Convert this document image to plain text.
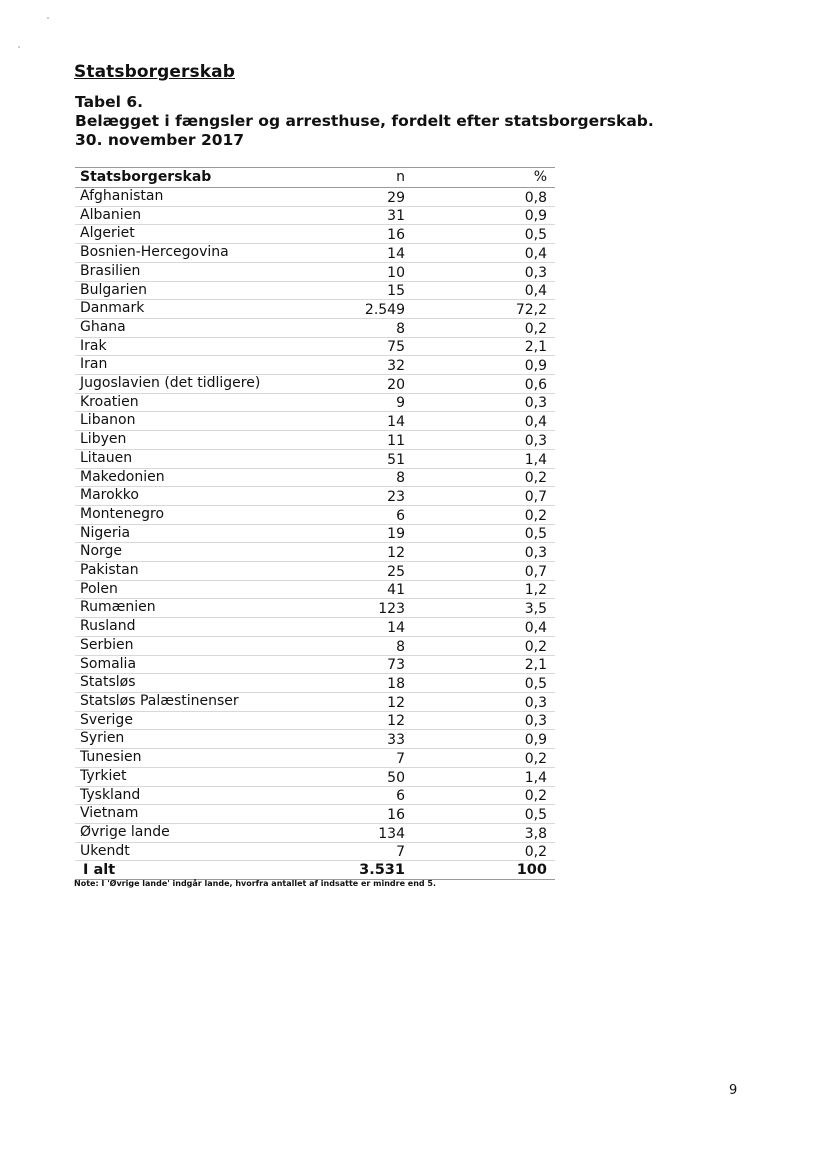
Statsborgerskab
Tabel 6.
Belægget i fængsler og arresthuse, fordelt efter statsborgerskab.
30. november 2017
Statsborgerskab	n	%
Afghanistan	29	0,8
Albanien	31	0,9
Algeriet	16	0,5
Bosnien-Hercegovina	14	0,4
Brasilien	10	0,3
Bulgarien	15	0,4
Danmark	2.549	72,2
Ghana	8	0,2
Irak	75	2,1
Iran	32	0,9
Jugoslavien (det tidligere)	20	0,6
Kroatien	9	0,3
Libanon	14	0,4
Libyen	11	0,3
Litauen	51	1,4
Makedonien	8	0,2
Marokko	23	0,7
Montenegro	6	0,2
Nigeria	19	0,5
Norge	12	0,3
Pakistan	25	0,7
Polen	41	1,2
Rumænien	123	3,5
Rusland	14	0,4
Serbien	8	0,2
Somalia	73	2,1
Statsløs	18	0,5
Statsløs Palæstinenser	12	0,3
Sverige	12	0,3
Syrien	33	0,9
Tunesien	7	0,2
Tyrkiet	50	1,4
Tyskland	6	0,2
Vietnam	16	0,5
Øvrige lande	134	3,8
Ukendt	7	0,2
I alt	3.531	100

Note: I 'Øvrige lande' indgår lande, hvorfra antallet af indsatte er mindre end 5.

9
